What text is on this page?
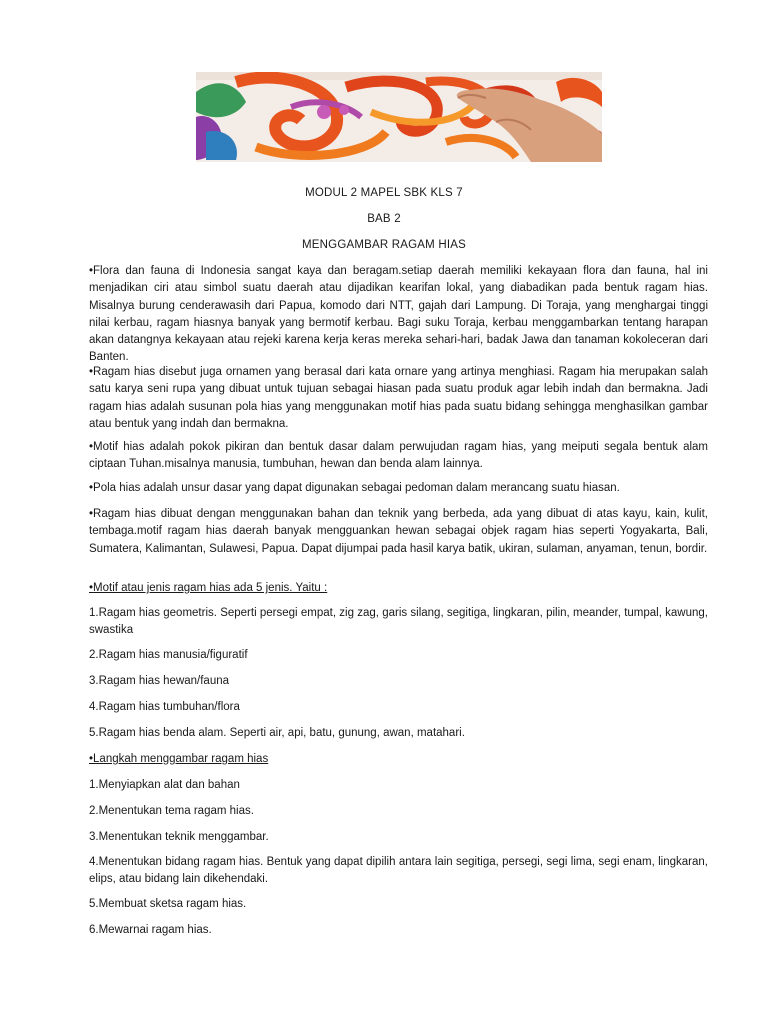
MODUL 2 MAPEL SBK KLS 7
BAB 2
MENGGAMBAR RAGAM HIAS

•Flora dan fauna di Indonesia sangat kaya dan beragam.setiap daerah memiliki kekayaan flora dan fauna, hal ini menjadikan ciri atau simbol suatu daerah atau dijadikan kearifan lokal, yang diabadikan pada bentuk ragam hias. Misalnya burung cenderawasih dari Papua, komodo dari NTT, gajah dari Lampung. Di Toraja, yang menghargai tinggi nilai kerbau, ragam hiasnya banyak yang bermotif kerbau. Bagi suku Toraja, kerbau menggambarkan tentang harapan akan datangnya kekayaan atau rejeki karena kerja keras mereka sehari-hari, badak Jawa dan tanaman kokoleceran dari Banten.

•Ragam hias disebut juga ornamen yang berasal dari kata ornare yang artinya menghiasi. Ragam hia merupakan salah satu karya seni rupa yang dibuat untuk tujuan sebagai hiasan pada suatu produk agar lebih indah dan bermakna. Jadi ragam hias adalah susunan pola hias yang menggunakan motif hias pada suatu bidang sehingga menghasilkan gambar atau bentuk yang indah dan bermakna.

•Motif hias adalah pokok pikiran dan bentuk dasar dalam perwujudan ragam hias, yang meiputi segala bentuk alam ciptaan Tuhan.misalnya manusia, tumbuhan, hewan dan benda alam lainnya.

•Pola hias adalah unsur dasar yang dapat digunakan sebagai pedoman dalam merancang suatu hiasan.

•Ragam hias dibuat dengan menggunakan bahan dan teknik yang berbeda, ada yang dibuat di atas kayu, kain, kulit, tembaga.motif ragam hias daerah banyak mengguankan hewan sebagai objek ragam hias seperti Yogyakarta, Bali, Sumatera, Kalimantan, Sulawesi, Papua. Dapat dijumpai pada hasil karya batik, ukiran, sulaman, anyaman, tenun, bordir.

•Motif atau jenis ragam hias ada 5 jenis. Yaitu :

1.Ragam hias geometris. Seperti persegi empat, zig zag, garis silang, segitiga, lingkaran, pilin, meander, tumpal, kawung, swastika

2.Ragam hias manusia/figuratif

3.Ragam hias hewan/fauna

4.Ragam hias tumbuhan/flora

5.Ragam hias benda alam. Seperti air, api, batu, gunung, awan, matahari.

•Langkah menggambar ragam hias

1.Menyiapkan alat dan bahan

2.Menentukan tema ragam hias.

3.Menentukan teknik menggambar.

4.Menentukan bidang ragam hias. Bentuk yang dapat dipilih antara lain segitiga, persegi, segi lima, segi enam, lingkaran, elips, atau bidang lain dikehendaki.

5.Membuat sketsa ragam hias.

6.Mewarnai ragam hias.
